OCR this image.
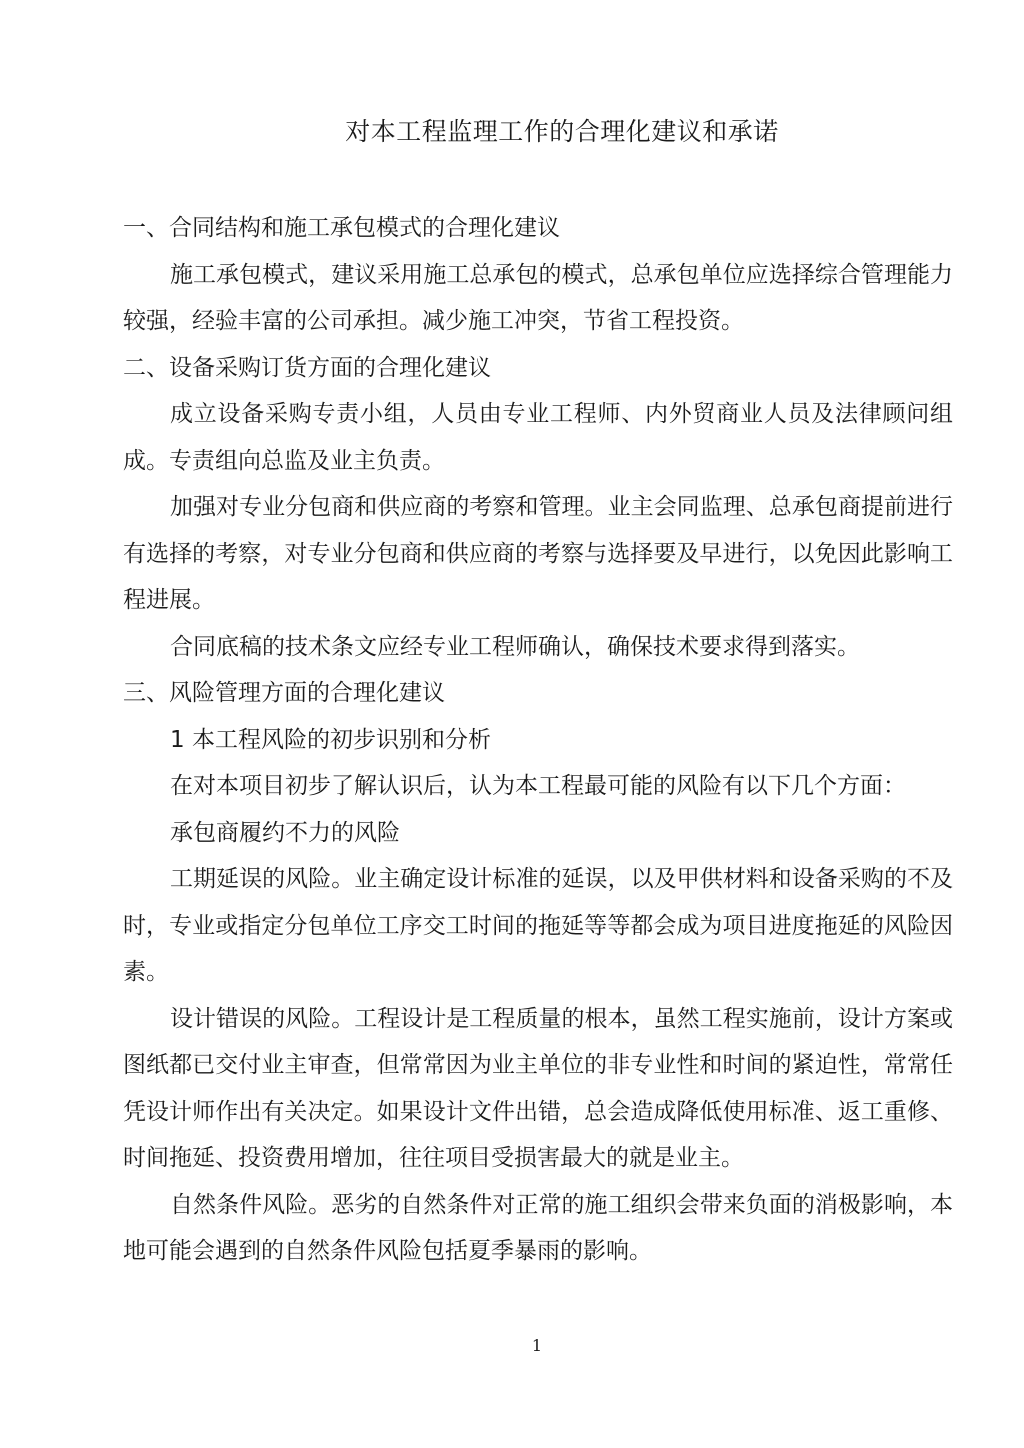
对本工程监理工作的合理化建议和承诺

一、合同结构和施工承包模式的合理化建议

施工承包模式，建议采用施工总承包的模式，总承包单位应选择综合管理能力较强，经验丰富的公司承担。减少施工冲突，节省工程投资。

二、设备采购订货方面的合理化建议

成立设备采购专责小组，人员由专业工程师、内外贸商业人员及法律顾问组成。专责组向总监及业主负责。

加强对专业分包商和供应商的考察和管理。业主会同监理、总承包商提前进行有选择的考察，对专业分包商和供应商的考察与选择要及早进行，以免因此影响工程进展。

合同底稿的技术条文应经专业工程师确认，确保技术要求得到落实。

三、风险管理方面的合理化建议

1 本工程风险的初步识别和分析

在对本项目初步了解认识后，认为本工程最可能的风险有以下几个方面：

承包商履约不力的风险

工期延误的风险。业主确定设计标准的延误，以及甲供材料和设备采购的不及时，专业或指定分包单位工序交工时间的拖延等等都会成为项目进度拖延的风险因素。

设计错误的风险。工程设计是工程质量的根本，虽然工程实施前，设计方案或图纸都已交付业主审查，但常常因为业主单位的非专业性和时间的紧迫性，常常任凭设计师作出有关决定。如果设计文件出错，总会造成降低使用标准、返工重修、时间拖延、投资费用增加，往往项目受损害最大的就是业主。

自然条件风险。恶劣的自然条件对正常的施工组织会带来负面的消极影响，本地可能会遇到的自然条件风险包括夏季暴雨的影响。

1
